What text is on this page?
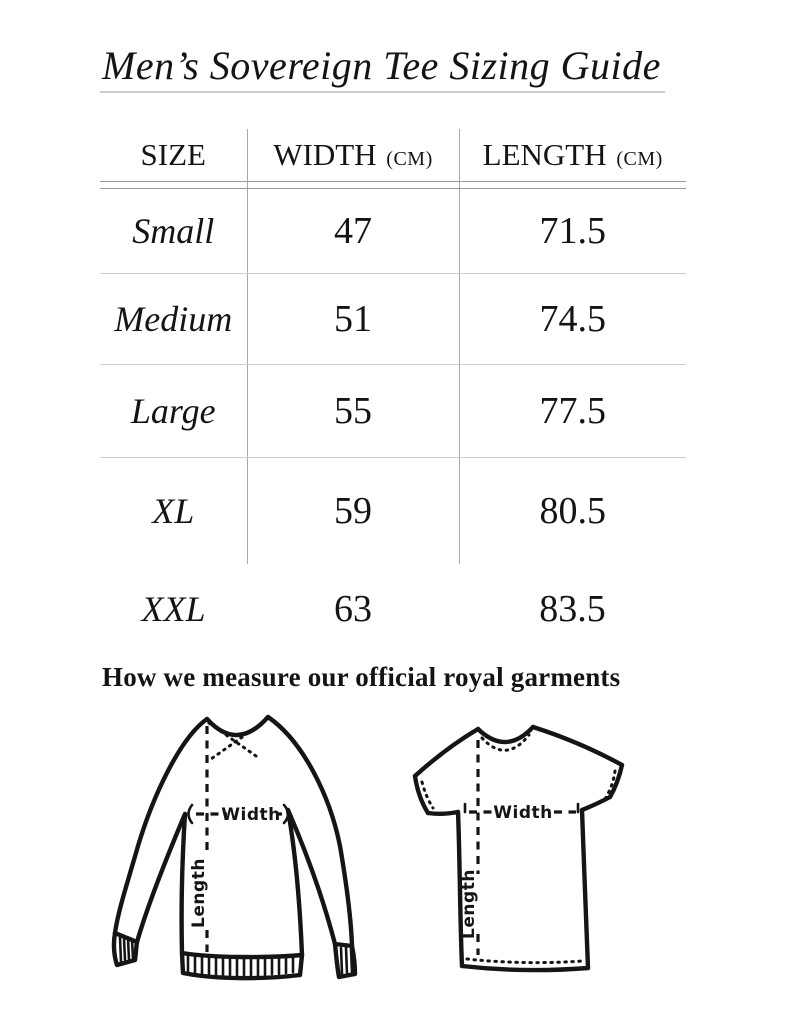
Men’s Sovereign Tee Sizing Guide
SIZE	WIDTH (CM)	LENGTH (CM)

Small	47	71.5
Medium	51	74.5
Large	55	77.5
XL	59	80.5
XXL	63	83.5
How we measure our official royal garments
Width
Length
Width
Length
